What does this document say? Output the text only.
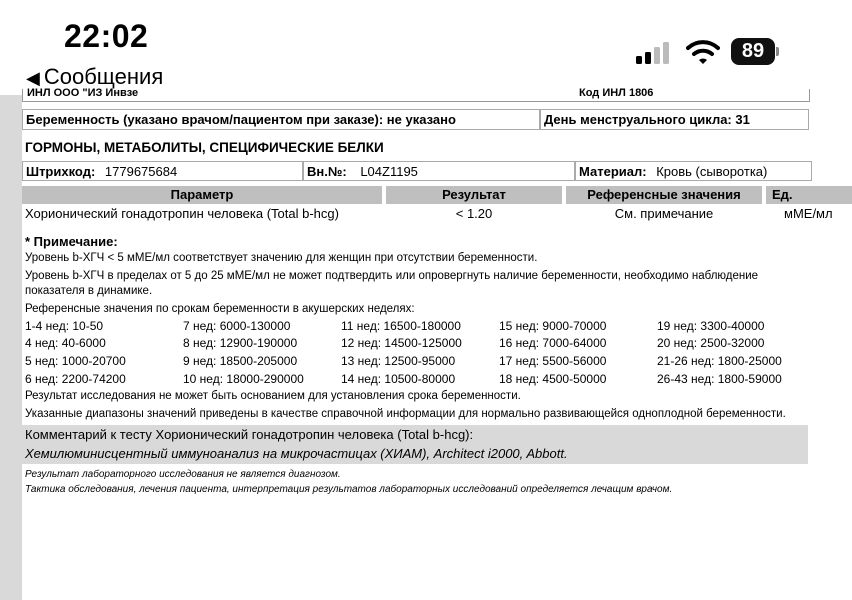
22:02
◀ Сообщения
89
ИНЛ ООО "ИЗ Инвзе	Код ИНЛ 1806
Беременность (указано врачом/пациентом при заказе): не указано	День менструального цикла: 31
ГОРМОНЫ, МЕТАБОЛИТЫ, СПЕЦИФИЧЕСКИЕ БЕЛКИ
Штрихкод: 1779675684	Вн.№: L04Z1195	Материал: Кровь (сыворотка)
Параметр	Результат	Референсные значения	Ед.
Хорионический гонадотропин человека (Total b-hcg)	< 1.20	См. примечание	мМЕ/мл
* Примечание:
Уровень b-ХГЧ < 5 мМЕ/мл соответствует значению для женщин при отсутствии беременности.
Уровень b-ХГЧ в пределах от 5 до 25 мМЕ/мл не может подтвердить или опровергнуть наличие беременности, необходимо наблюдение
показателя в динамике.
Референсные значения по срокам беременности в акушерских неделях:
1-4 нед: 10-50	7 нед: 6000-130000	11 нед: 16500-180000	15 нед: 9000-70000	19 нед: 3300-40000
4 нед: 40-6000	8 нед: 12900-190000	12 нед: 14500-125000	16 нед: 7000-64000	20 нед: 2500-32000
5 нед: 1000-20700	9 нед: 18500-205000	13 нед: 12500-95000	17 нед: 5500-56000	21-26 нед: 1800-25000
6 нед: 2200-74200	10 нед: 18000-290000	14 нед: 10500-80000	18 нед: 4500-50000	26-43 нед: 1800-59000
Результат исследования не может быть основанием для установления срока беременности.
Указанные диапазоны значений приведены в качестве справочной информации для нормально развивающейся одноплодной беременности.
Комментарий к тесту Хорионический гонадотропин человека (Total b-hcg):
Хемилюминисцентный иммуноанализ на микрочастицах (ХИАМ), Architect i2000, Abbott.
Результат лабораторного исследования не является диагнозом.
Тактика обследования, лечения пациента, интерпретация результатов лабораторных исследований определяется лечащим врачом.
